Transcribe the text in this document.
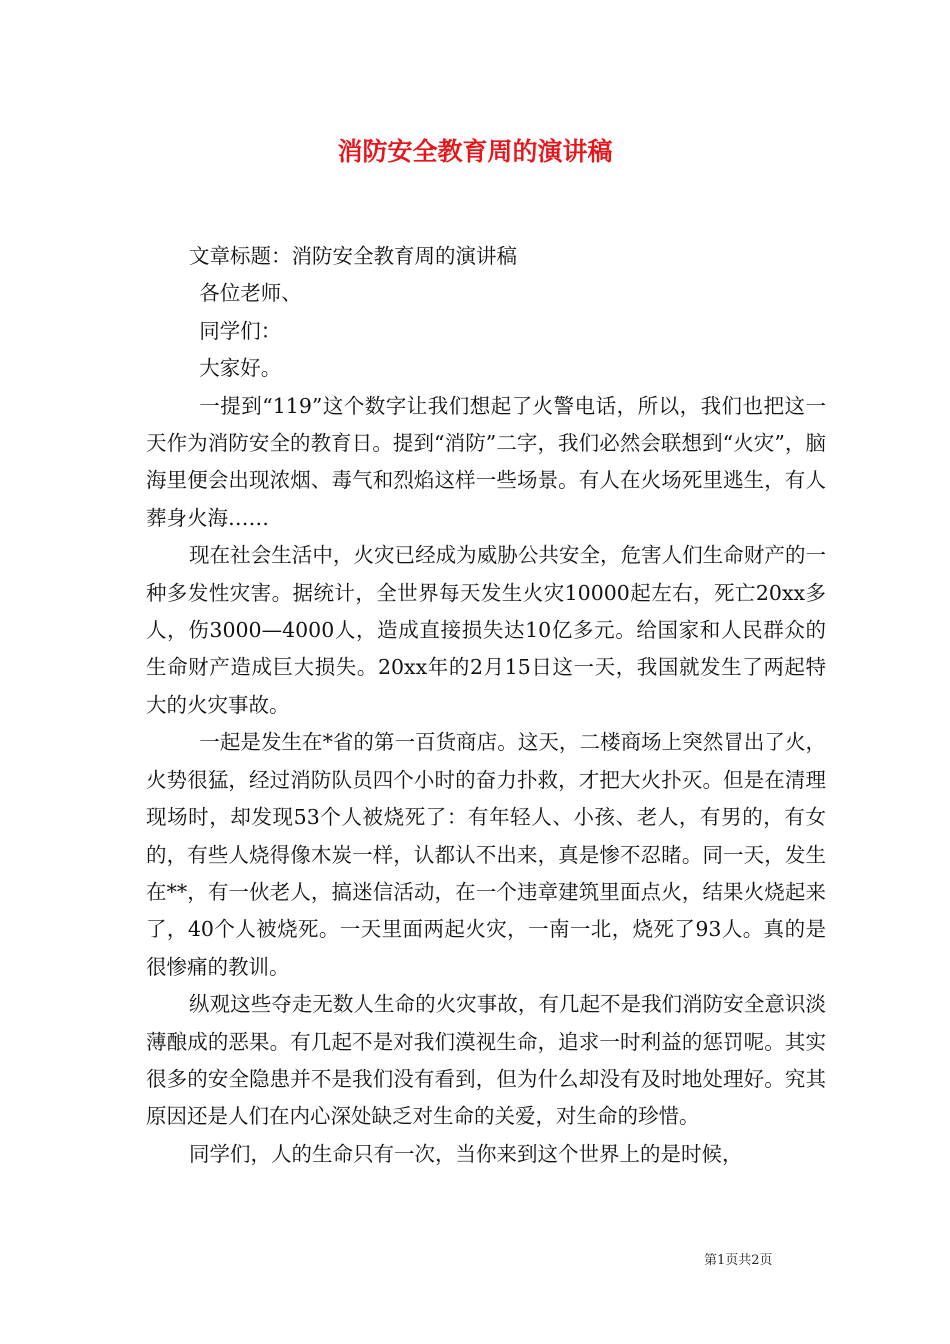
消防安全教育周的演讲稿

文章标题：消防安全教育周的演讲稿

各位老师、

同学们：

大家好。

一提到“119”这个数字让我们想起了火警电话，所以，我们也把这一天作为消防安全的教育日。提到“消防”二字，我们必然会联想到“火灾”，脑海里便会出现浓烟、毒气和烈焰这样一些场景。有人在火场死里逃生，有人葬身火海……

现在社会生活中，火灾已经成为威胁公共安全，危害人们生命财产的一种多发性灾害。据统计，全世界每天发生火灾10000起左右，死亡20xx多人，伤3000—4000人，造成直接损失达10亿多元。给国家和人民群众的生命财产造成巨大损失。20xx年的2月15日这一天，我国就发生了两起特大的火灾事故。

一起是发生在*省的第一百货商店。这天，二楼商场上突然冒出了火，火势很猛，经过消防队员四个小时的奋力扑救，才把大火扑灭。但是在清理现场时，却发现53个人被烧死了：有年轻人、小孩、老人，有男的，有女的，有些人烧得像木炭一样，认都认不出来，真是惨不忍睹。同一天，发生在**，有一伙老人，搞迷信活动，在一个违章建筑里面点火，结果火烧起来了，40个人被烧死。一天里面两起火灾，一南一北，烧死了93人。真的是很惨痛的教训。

纵观这些夺走无数人生命的火灾事故，有几起不是我们消防安全意识淡薄酿成的恶果。有几起不是对我们漠视生命，追求一时利益的惩罚呢。其实很多的安全隐患并不是我们没有看到，但为什么却没有及时地处理好。究其原因还是人们在内心深处缺乏对生命的关爱，对生命的珍惜。

同学们，人的生命只有一次，当你来到这个世界上的是时候，

第1页共2页
